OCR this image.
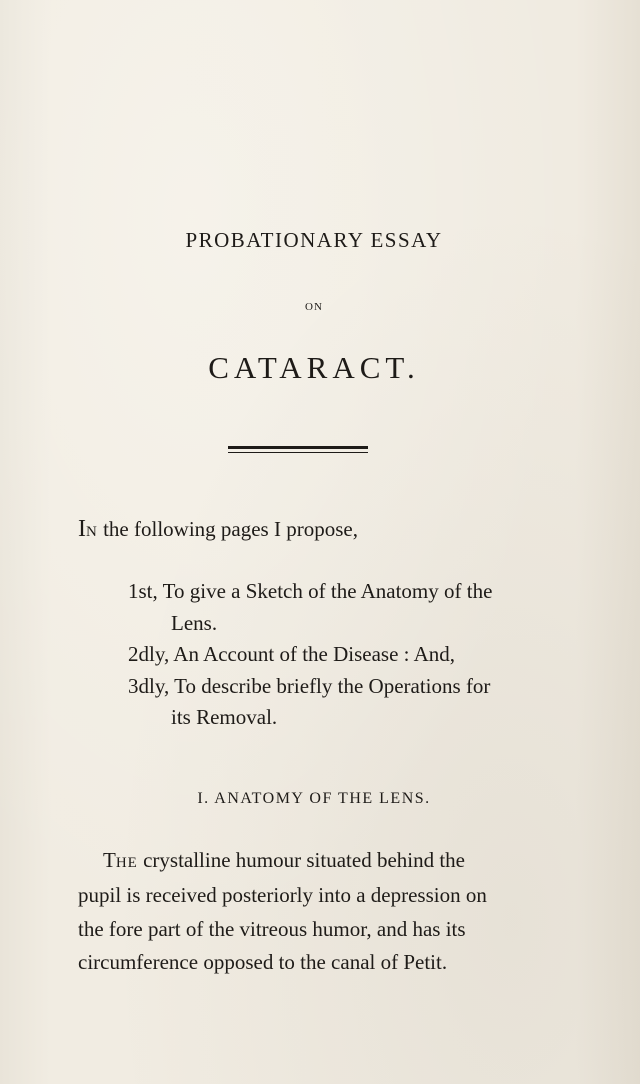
PROBATIONARY ESSAY
ON
CATARACT.
IN the following pages I propose,
1st, To give a Sketch of the Anatomy of the
Lens.
2dly, An Account of the Disease : And,
3dly, To describe briefly the Operations for
its Removal.
I. ANATOMY OF THE LENS.
THE crystalline humour situated behind the
pupil is received posteriorly into a depression on
the fore part of the vitreous humor, and has its
circumference opposed to the canal of Petit.
